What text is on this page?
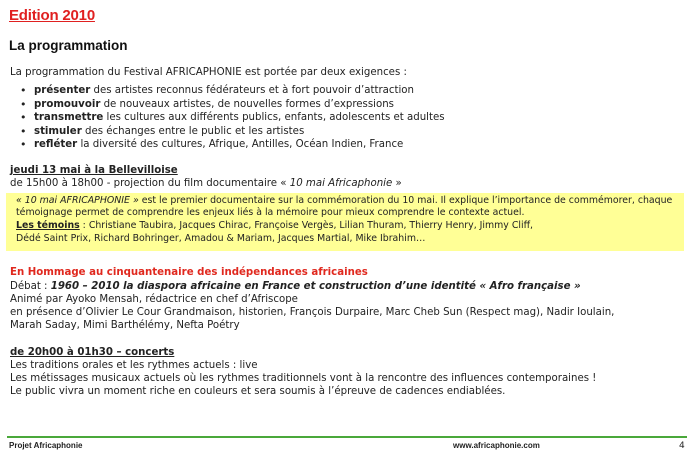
Edition 2010
La programmation
La programmation du Festival AFRICAPHONIE est portée par deux exigences :
• présenter des artistes reconnus fédérateurs et à fort pouvoir d’attraction
• promouvoir de nouveaux artistes, de nouvelles formes d’expressions
• transmettre les cultures aux différents publics, enfants, adolescents et adultes
• stimuler des échanges entre le public et les artistes
• refléter la diversité des cultures, Afrique, Antilles, Océan Indien, France
jeudi 13 mai à la Bellevilloise
de 15h00 à 18h00 - projection du film documentaire « 10 mai Africaphonie »
« 10 mai AFRICAPHONIE » est le premier documentaire sur la commémoration du 10 mai. Il explique l’importance de commémorer, chaque
témoignage permet de comprendre les enjeux liés à la mémoire pour mieux comprendre le contexte actuel.
Les témoins : Christiane Taubira, Jacques Chirac, Françoise Vergès, Lilian Thuram, Thierry Henry, Jimmy Cliff,
Dédé Saint Prix, Richard Bohringer, Amadou & Mariam, Jacques Martial, Mike Ibrahim…
En Hommage au cinquantenaire des indépendances africaines
Débat : 1960 – 2010 la diaspora africaine en France et construction d’une identité « Afro française »
Animé par Ayoko Mensah, rédactrice en chef d’Afriscope
en présence d’Olivier Le Cour Grandmaison, historien, François Durpaire, Marc Cheb Sun (Respect mag), Nadir Ioulain,
Marah Saday, Mimi Barthélémy, Nefta Poétry
de 20h00 à 01h30 – concerts
Les traditions orales et les rythmes actuels : live
Les métissages musicaux actuels où les rythmes traditionnels vont à la rencontre des influences contemporaines !
Le public vivra un moment riche en couleurs et sera soumis à l’épreuve de cadences endiablées.
Projet Africaphonie	www.africaphonie.com	4
